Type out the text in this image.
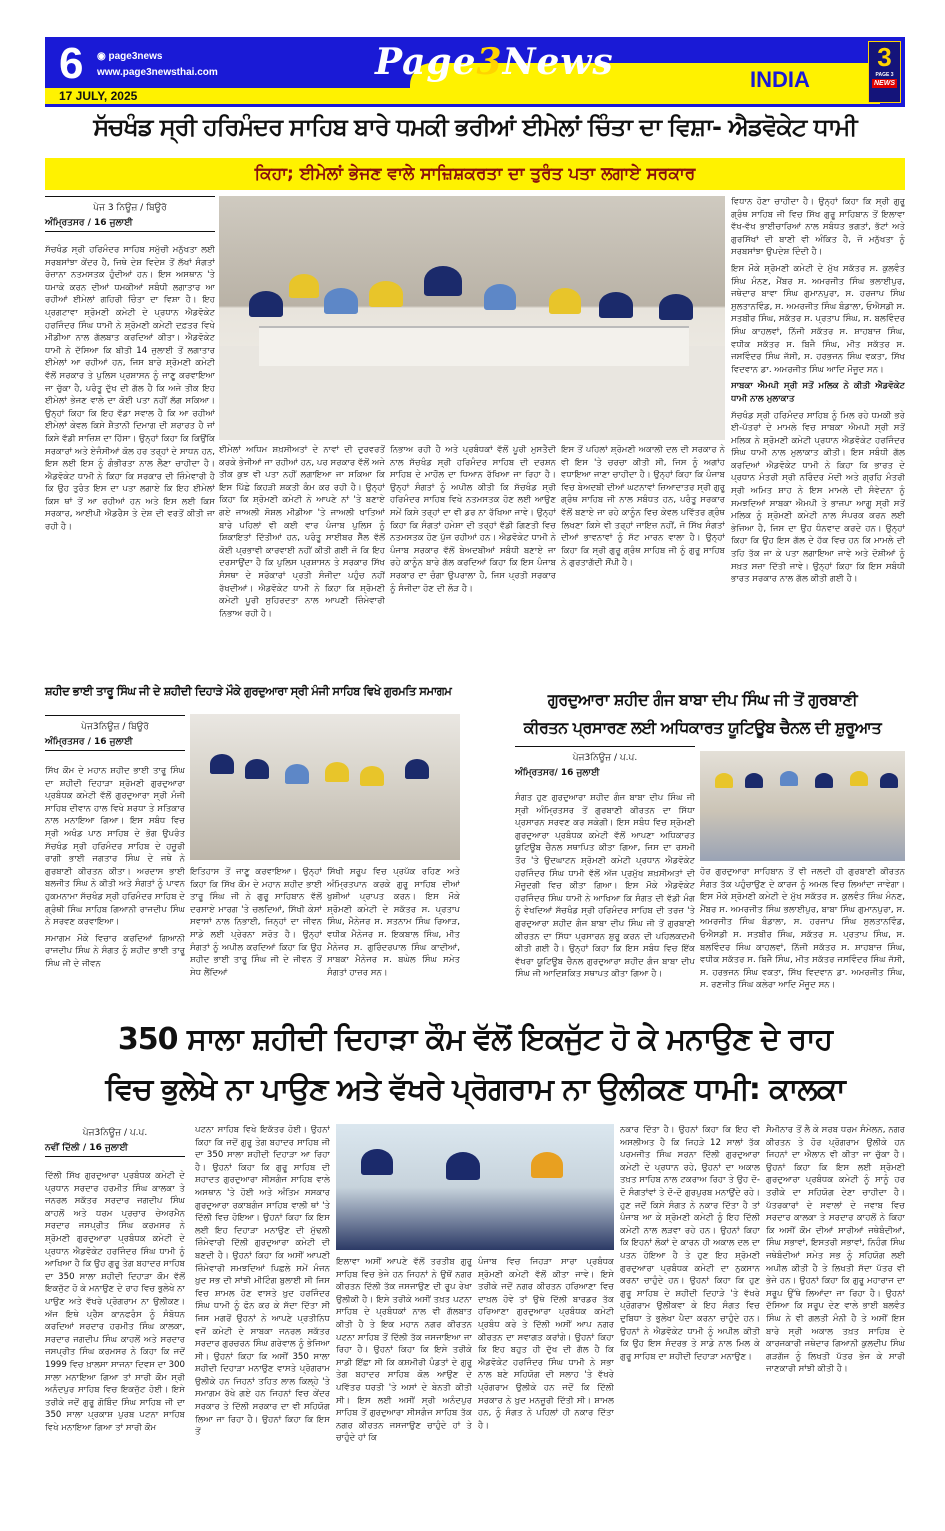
6 ◉ page3news
www.page3newsthai.com
17 JULY, 2025
Page3News	INDIA
3
PAGE 3
NEWS
ਸੱਚਖੰਡ ਸ੍ਰੀ ਹਰਿਮੰਦਰ ਸਾਹਿਬ ਬਾਰੇ ਧਮਕੀ ਭਰੀਆਂ ਈਮੇਲਾਂ ਚਿੰਤਾ ਦਾ ਵਿਸ਼ਾ- ਐਡਵੋਕੇਟ ਧਾਮੀ
ਕਿਹਾ; ਈਮੇਲਾਂ ਭੇਜਣ ਵਾਲੇ ਸਾਜ਼ਿਸ਼ਕਰਤਾ ਦਾ ਤੁਰੰਤ ਪਤਾ ਲਗਾਏ ਸਰਕਾਰ
ਪੇਜ 3 ਨਿਊਜ਼ / ਬਿਊਰੋ
ਅੰਮ੍ਰਿਤਸਰ / 16 ਜੁਲਾਈ

ਸੱਚਖੰਡ ਸ੍ਰੀ ਹਰਿਮੰਦਰ ਸਾਹਿਬ ਸਮੁੱਚੀ ਮਨੁੱਖਤਾ ਲਈ ਸਰਬਸਾਂਝਾ ਕੇਂਦਰ ਹੈ, ਜਿਥੇ ਦੇਸ਼ ਵਿਦੇਸ਼ ਤੋਂ ਲੱਖਾਂ ਸੰਗਤਾਂ ਰੋਜ਼ਾਨਾ ਨਤਮਸਤਕ ਹੁੰਦੀਆਂ ਹਨ। ਇਸ ਅਸਥਾਨ 'ਤੇ ਧਮਾਕੇ ਕਰਨ ਦੀਆਂ ਧਮਕੀਆਂ ਸਬੰਧੀ ਲਗਾਤਾਰ ਆ ਰਹੀਆਂ ਈਮੇਲਾਂ ਗਹਿਰੀ ਚਿੰਤਾ ਦਾ ਵਿਸ਼ਾ ਹੈ। ਇਹ ਪ੍ਰਗਟਾਵਾ ਸ਼੍ਰੋਮਣੀ ਕਮੇਟੀ ਦੇ ਪ੍ਰਧਾਨ ਐਡਵੋਕੇਟ ਹਰਜਿੰਦਰ ਸਿੰਘ ਧਾਮੀ ਨੇ ਸ਼੍ਰੋਮਣੀ ਕਮੇਟੀ ਦਫ਼ਤਰ ਵਿਖੇ ਮੀਡੀਆ ਨਾਲ ਗੱਲਬਾਤ ਕਰਦਿਆਂ ਕੀਤਾ। ਐਡਵੋਕੇਟ ਧਾਮੀ ਨੇ ਦੱਸਿਆ ਕਿ ਬੀਤੀ 14 ਜੁਲਾਈ ਤੋਂ ਲਗਾਤਾਰ ਈਮੇਲਾਂ ਆ ਰਹੀਆਂ ਹਨ, ਜਿਸ ਬਾਰੇ ਸ਼੍ਰੋਮਣੀ ਕਮੇਟੀ ਵੱਲੋਂ ਸਰਕਾਰ ਤੇ ਪੁਲਿਸ ਪ੍ਰਸ਼ਾਸਨ ਨੂੰ ਜਾਣੂ ਕਰਵਾਇਆ ਜਾ ਚੁੱਕਾ ਹੈ, ਪਰੰਤੂ ਦੁੱਖ ਦੀ ਗੱਲ ਹੈ ਕਿ ਅਜੇ ਤੀਕ ਇਹ ਈਮੇਲਾਂ ਭੇਜਣ ਵਾਲੇ ਦਾ ਕੋਈ ਪਤਾ ਨਹੀਂ ਲੱਗ ਸਕਿਆ। ਉਨ੍ਹਾਂ ਕਿਹਾ ਕਿ ਇਹ ਵੱਡਾ ਸਵਾਲ ਹੈ ਕਿ ਆ ਰਹੀਆਂ ਈਮੇਲਾਂ ਕੇਵਲ ਕਿਸੇ ਸ਼ੈਤਾਨੀ ਦਿਮਾਗ ਦੀ ਸ਼ਰਾਰਤ ਹੈ ਜਾਂ ਕਿਸੇ ਵੱਡੀ ਸਾਜ਼ਿਸ਼ ਦਾ ਹਿੱਸਾ। ਉਨ੍ਹਾਂ ਕਿਹਾ ਕਿ ਕਿਉਂਕਿ ਸਰਕਾਰਾਂ ਅਤੇ ਏਜੰਸੀਆਂ ਕੋਲ ਹਰ ਤਰ੍ਹਾਂ ਦੇ ਸਾਧਨ ਹਨ, ਇਸ ਲਈ ਇਸ ਨੂੰ ਗੰਭੀਰਤਾ ਨਾਲ ਲੈਣਾ ਚਾਹੀਦਾ ਹੈ। ਐਡਵੋਕੇਟ ਧਾਮੀ ਨੇ ਕਿਹਾ ਕਿ ਸਰਕਾਰ ਦੀ ਜ਼ਿੰਮੇਵਾਰੀ ਹੈ ਕਿ ਉਹ ਤੁਰੰਤ ਇਸ ਦਾ ਪਤਾ ਲਗਾਏ ਕਿ ਇਹ ਈਮੇਲਾਂ ਕਿਸ ਥਾਂ ਤੋਂ ਆ ਰਹੀਆਂ ਹਨ ਅਤੇ ਇਸ ਲਈ ਕਿਸ ਸਰਕਾਰ, ਆਈਪੀ ਐਡਰੈਸ ਤੇ ਦੇਸ਼ ਦੀ ਵਰਤੋਂ ਕੀਤੀ ਜਾ ਰਹੀ ਹੈ।

ਈਮੇਲਾਂ ਅਧਿਮ ਸ਼ਖ਼ਸੀਅਤਾਂ ਦੇ ਨਾਵਾਂ ਦੀ ਦੁਰਵਰਤੋਂ ਕਰਕੇ ਭੇਜੀਆਂ ਜਾ ਰਹੀਆਂ ਹਨ, ਪਰ ਸਰਕਾਰ ਵੱਲੋਂ ਅਜੇ ਤੀਕ ਕੁਝ ਵੀ ਪਤਾ ਨਹੀਂ ਲਗਾਇਆ ਜਾ ਸਕਿਆ ਕਿ ਇਸ ਪਿੱਛੇ ਕਿਹੜੀ ਸ਼ਕਤੀ ਕੰਮ ਕਰ ਰਹੀ ਹੈ। ਉਨ੍ਹਾਂ ਕਿਹਾ ਕਿ ਸ਼੍ਰੋਮਣੀ ਕਮੇਟੀ ਨੇ ਆਪਣੇ ਨਾਂ 'ਤੇ ਬਣਾਏ ਗਏ ਜਾਅਲੀ ਸੋਸ਼ਲ ਮੀਡੀਆ 'ਤੇ ਜਾਅਲੀ ਖਾਤਿਆਂ ਬਾਰੇ ਪਹਿਲਾਂ ਵੀ ਕਈ ਵਾਰ ਪੰਜਾਬ ਪੁਲਿਸ ਨੂੰ ਸ਼ਿਕਾਇਤਾਂ ਦਿੱਤੀਆਂ ਹਨ, ਪਰੰਤੂ ਸਾਈਬਰ ਸੈੱਲ ਵੱਲੋਂ ਕੋਈ ਪ੍ਰਭਾਵੀ ਕਾਰਵਾਈ ਨਹੀਂ ਕੀਤੀ ਗਈ ਜੋ ਕਿ ਇਹ ਦਰਸਾਉਂਦਾ ਹੈ ਕਿ ਪੁਲਿਸ ਪ੍ਰਸ਼ਾਸਨ ਤੇ ਸਰਕਾਰ ਸਿੱਖ ਸੰਸਥਾ ਦੇ ਸਰੋਕਾਰਾਂ ਪ੍ਰਤੀ ਸੰਜੀਦਾ ਪਹੁੰਚ ਨਹੀਂ ਰੱਖਦੀਆਂ। ਐਡਵੋਕੇਟ ਧਾਮੀ ਨੇ ਕਿਹਾ ਕਿ ਸ਼੍ਰੋਮਣੀ ਕਮੇਟੀ ਪੂਰੀ ਸੁਹਿਰਦਤਾ ਨਾਲ ਆਪਣੀ ਜ਼ਿੰਮੇਵਾਰੀ ਨਿਭਾਅ ਰਹੀ ਹੈ।

ਨਿਭਾਅ ਰਹੀ ਹੈ ਅਤੇ ਪ੍ਰਬੰਧਕਾਂ ਵੱਲੋਂ ਪੂਰੀ ਮੁਸਤੈਦੀ ਨਾਲ ਸੱਚਖੰਡ ਸ੍ਰੀ ਹਰਿਮੰਦਰ ਸਾਹਿਬ ਦੀ ਦਰਸ਼ਨ ਸਾਹਿਬ ਦੇ ਮਾਹੌਲ ਦਾ ਧਿਆਨ ਰੱਖਿਆ ਜਾ ਰਿਹਾ ਹੈ। ਉਨ੍ਹਾਂ ਸੰਗਤਾਂ ਨੂੰ ਅਪੀਲ ਕੀਤੀ ਕਿ ਸੱਚਖੰਡ ਸ੍ਰੀ ਹਰਿਮੰਦਰ ਸਾਹਿਬ ਵਿਖੇ ਨਤਮਸਤਕ ਹੋਣ ਲਈ ਆਉਣ ਸਮੇਂ ਕਿਸੇ ਤਰ੍ਹਾਂ ਦਾ ਵੀ ਡਰ ਨਾ ਰੱਖਿਆ ਜਾਵੇ। ਉਨ੍ਹਾਂ ਕਿਹਾ ਕਿ ਸੰਗਤਾਂ ਹਮੇਸ਼ਾ ਦੀ ਤਰ੍ਹਾਂ ਵੱਡੀ ਗਿਣਤੀ ਵਿਚ ਨਤਮਸਤਕ ਹੋਣ ਪੁੱਜ ਰਹੀਆਂ ਹਨ। ਐਡਵੋਕੇਟ ਧਾਮੀ ਨੇ ਪੰਜਾਬ ਸਰਕਾਰ ਵੱਲੋਂ ਬੇਅਦਬੀਆਂ ਸਬੰਧੀ ਬਣਾਏ ਜਾ ਰਹੇ ਕਾਨੂੰਨ ਬਾਰੇ ਗੱਲ ਕਰਦਿਆਂ ਕਿਹਾ ਕਿ ਇਸ ਪੰਜਾਬ ਸਰਕਾਰ ਦਾ ਚੰਗਾ ਉਪਰਾਲਾ ਹੈ, ਜਿਸ ਪ੍ਰਤੀ ਸਰਕਾਰ ਨੂੰ ਸੰਜੀਦਾ ਹੋਣ ਦੀ ਲੋੜ ਹੈ।

ਇਸ ਤੋਂ ਪਹਿਲਾਂ ਸ਼੍ਰੋਮਣੀ ਅਕਾਲੀ ਦਲ ਦੀ ਸਰਕਾਰ ਨੇ ਵੀ ਇਸ 'ਤੇ ਚਰਚਾ ਕੀਤੀ ਸੀ, ਜਿਸ ਨੂੰ ਅਗਾਂਹ ਵਧਾਇਆ ਜਾਣਾ ਚਾਹੀਦਾ ਹੈ। ਉਨ੍ਹਾਂ ਕਿਹਾ ਕਿ ਪੰਜਾਬ ਵਿਚ ਬੇਅਦਬੀ ਦੀਆਂ ਘਟਨਾਵਾਂ ਜ਼ਿਆਦਾਤਰ ਸ੍ਰੀ ਗੁਰੂ ਗ੍ਰੰਥ ਸਾਹਿਬ ਜੀ ਨਾਲ ਸਬੰਧਤ ਹਨ, ਪਰੰਤੂ ਸਰਕਾਰ ਵੱਲੋਂ ਬਣਾਏ ਜਾ ਰਹੇ ਕਾਨੂੰਨ ਵਿਚ ਕੇਵਲ ਪਵਿੱਤਰ ਗ੍ਰੰਥ ਲਿਖਣਾ ਕਿਸੇ ਵੀ ਤਰ੍ਹਾਂ ਜਾਇਜ਼ ਨਹੀਂ, ਜੋ ਸਿੱਖ ਸੰਗਤਾਂ ਦੀਆਂ ਭਾਵਨਾਵਾਂ ਨੂੰ ਸੱਟ ਮਾਰਨ ਵਾਲਾ ਹੈ। ਉਨ੍ਹਾਂ ਕਿਹਾ ਕਿ ਸ੍ਰੀ ਗੁਰੂ ਗ੍ਰੰਥ ਸਾਹਿਬ ਜੀ ਨੂੰ ਗੁਰੂ ਸਾਹਿਬ ਨੇ ਗੁਰਤਾਗੱਦੀ ਸੌਂਪੀ ਹੈ।

ਵਿਧਾਨ ਹੋਣਾ ਚਾਹੀਦਾ ਹੈ। ਉਨ੍ਹਾਂ ਕਿਹਾ ਕਿ ਸ੍ਰੀ ਗੁਰੂ ਗ੍ਰੰਥ ਸਾਹਿਬ ਜੀ ਵਿਚ ਸਿੱਖ ਗੁਰੂ ਸਾਹਿਬਾਨ ਤੋਂ ਇਲਾਵਾ ਵੱਖ-ਵੱਖ ਭਾਈਚਾਰਿਆਂ ਨਾਲ ਸਬੰਧਤ ਭਗਤਾਂ, ਭੱਟਾਂ ਅਤੇ ਗੁਰਸਿੱਖਾਂ ਦੀ ਬਾਣੀ ਵੀ ਅੰਕਿਤ ਹੈ, ਜੋ ਮਨੁੱਖਤਾ ਨੂੰ ਸਰਬਸਾਂਝਾ ਉਪਦੇਸ਼ ਦਿੰਦੀ ਹੈ।

ਇਸ ਮੌਕੇ ਸ਼੍ਰੋਮਣੀ ਕਮੇਟੀ ਦੇ ਮੁੱਖ ਸਕੱਤਰ ਸ. ਕੁਲਵੰਤ ਸਿੰਘ ਮੰਨਣ, ਮੈਂਬਰ ਸ. ਅਮਰਜੀਤ ਸਿੰਘ ਭਲਾਈਪੁਰ, ਜਥੇਦਾਰ ਬਾਵਾ ਸਿੰਘ ਗੁਮਾਨਪੁਰਾ, ਸ. ਹਰਜਾਪ ਸਿੰਘ ਸੁਲਤਾਨਵਿੰਡ, ਸ. ਅਮਰਜੀਤ ਸਿੰਘ ਬੰਡਾਲਾ, ਓਐਸਡੀ ਸ. ਸਤਬੀਰ ਸਿੰਘ, ਸਕੱਤਰ ਸ. ਪ੍ਰਤਾਪ ਸਿੰਘ, ਸ. ਬਲਵਿੰਦਰ ਸਿੰਘ ਕਾਹਲਵਾਂ, ਨਿੱਜੀ ਸਕੱਤਰ ਸ. ਸ਼ਾਹਬਾਜ਼ ਸਿੰਘ, ਵਧੀਕ ਸਕੱਤਰ ਸ. ਬਿਜੈ ਸਿੰਘ, ਮੀਤ ਸਕੱਤਰ ਸ. ਜਸਵਿੰਦਰ ਸਿੰਘ ਜੱਸੀ, ਸ. ਹਰਭਜਨ ਸਿੰਘ ਵਕਤਾ, ਸਿੱਖ ਵਿਦਵਾਨ ਡਾ. ਅਮਰਜੀਤ ਸਿੰਘ ਆਦਿ ਮੌਜੂਦ ਸਨ।

ਸਾਬਕਾ ਐਮਪੀ ਸ੍ਰੀ ਸਤੋਂ ਮਲਿਕ ਨੇ ਕੀਤੀ ਐਡਵੋਕੇਟ ਧਾਮੀ ਨਾਲ ਮੁਲਾਕਾਤ

ਸੱਚਖੰਡ ਸ੍ਰੀ ਹਰਿਮੰਦਰ ਸਾਹਿਬ ਨੂੰ ਮਿਲ ਰਹੇ ਧਮਕੀ ਭਰੇ ਈ-ਪੱਤਰਾਂ ਦੇ ਮਾਮਲੇ ਵਿਚ ਸਾਬਕਾ ਐਮਪੀ ਸ੍ਰੀ ਸਤੋਂ ਮਲਿਕ ਨੇ ਸ਼੍ਰੋਮਣੀ ਕਮੇਟੀ ਪ੍ਰਧਾਨ ਐਡਵੋਕੇਟ ਹਰਜਿੰਦਰ ਸਿੰਘ ਧਾਮੀ ਨਾਲ ਮੁਲਾਕਾਤ ਕੀਤੀ। ਇਸ ਸਬੰਧੀ ਗੱਲ ਕਰਦਿਆਂ ਐਡਵੋਕੇਟ ਧਾਮੀ ਨੇ ਕਿਹਾ ਕਿ ਭਾਰਤ ਦੇ ਪ੍ਰਧਾਨ ਮੰਤਰੀ ਸ੍ਰੀ ਨਰਿੰਦਰ ਮੋਦੀ ਅਤੇ ਗ੍ਰਹਿ ਮੰਤਰੀ ਸ੍ਰੀ ਅਮਿਤ ਸ਼ਾਹ ਨੇ ਇਸ ਮਾਮਲੇ ਦੀ ਸੰਵੇਦਨਾ ਨੂੰ ਸਮਝਦਿਆਂ ਸਾਬਕਾ ਐਮਪੀ ਤੇ ਭਾਜਪਾ ਆਗੂ ਸ੍ਰੀ ਸਤੋਂ ਮਲਿਕ ਨੂੰ ਸ਼੍ਰੋਮਣੀ ਕਮੇਟੀ ਨਾਲ ਸੰਪਰਕ ਕਰਨ ਲਈ ਭੇਜਿਆ ਹੈ, ਜਿਸ ਦਾ ਉਹ ਧੰਨਵਾਦ ਕਰਦੇ ਹਨ। ਉਨ੍ਹਾਂ ਕਿਹਾ ਕਿ ਉਹ ਇਸ ਗੱਲ ਦੇ ਹੱਕ ਵਿਚ ਹਨ ਕਿ ਮਾਮਲੇ ਦੀ ਤਹਿ ਤੱਕ ਜਾ ਕੇ ਪਤਾ ਲਗਾਇਆ ਜਾਵੇ ਅਤੇ ਦੋਸ਼ੀਆਂ ਨੂੰ ਸਖ਼ਤ ਸਜ਼ਾ ਦਿੱਤੀ ਜਾਵੇ। ਉਨ੍ਹਾਂ ਕਿਹਾ ਕਿ ਇਸ ਸਬੰਧੀ ਭਾਰਤ ਸਰਕਾਰ ਨਾਲ ਗੱਲ ਕੀਤੀ ਗਈ ਹੈ।

ਸ਼ਹੀਦ ਭਾਈ ਤਾਰੂ ਸਿੰਘ ਜੀ ਦੇ ਸ਼ਹੀਦੀ ਦਿਹਾੜੇ ਮੌਕੇ ਗੁਰਦੁਆਰਾ ਸ੍ਰੀ ਮੰਜੀ ਸਾਹਿਬ ਵਿਖੇ ਗੁਰਮਤਿ ਸਮਾਗਮ
ਪੇਜ3ਨਿਊਜ਼ / ਬਿਊਰੋ
ਅੰਮ੍ਰਿਤਸਰ / 16 ਜੁਲਾਈ

ਸਿੱਖ ਕੌਮ ਦੇ ਮਹਾਨ ਸ਼ਹੀਦ ਭਾਈ ਤਾਰੂ ਸਿੰਘ ਦਾ ਸ਼ਹੀਦੀ ਦਿਹਾੜਾ ਸ਼੍ਰੋਮਣੀ ਗੁਰਦੁਆਰਾ ਪ੍ਰਬੰਧਕ ਕਮੇਟੀ ਵੱਲੋਂ ਗੁਰਦੁਆਰਾ ਸ੍ਰੀ ਮੰਜੀ ਸਾਹਿਬ ਦੀਵਾਨ ਹਾਲ ਵਿਖੇ ਸ਼ਰਧਾ ਤੇ ਸਤਿਕਾਰ ਨਾਲ ਮਨਾਇਆ ਗਿਆ। ਇਸ ਸਬੰਧ ਵਿਚ ਸ੍ਰੀ ਅਖੰਡ ਪਾਠ ਸਾਹਿਬ ਦੇ ਭੋਗ ਉਪਰੰਤ ਸੱਚਖੰਡ ਸ੍ਰੀ ਹਰਿਮੰਦਰ ਸਾਹਿਬ ਦੇ ਹਜ਼ੂਰੀ ਰਾਗੀ ਭਾਈ ਜਗਤਾਰ ਸਿੰਘ ਦੇ ਜਥੇ ਨੇ ਗੁਰਬਾਣੀ ਕੀਰਤਨ ਕੀਤਾ। ਅਰਦਾਸ ਭਾਈ ਬਲਜੀਤ ਸਿੰਘ ਨੇ ਕੀਤੀ ਅਤੇ ਸੰਗਤਾਂ ਨੂੰ ਪਾਵਨ ਹੁਕਮਨਾਮਾ ਸੱਚਖੰਡ ਸ੍ਰੀ ਹਰਿਮੰਦਰ ਸਾਹਿਬ ਦੇ ਗ੍ਰੰਥੀ ਸਿੰਘ ਸਾਹਿਬ ਗਿਆਨੀ ਰਾਜਦੀਪ ਸਿੰਘ ਨੇ ਸਰਵਣ ਕਰਵਾਇਆ।

ਸਮਾਗਮ ਮੌਕੇ ਵਿਚਾਰ ਕਰਦਿਆਂ ਗਿਆਨੀ ਰਾਜਦੀਪ ਸਿੰਘ ਨੇ ਸੰਗਤ ਨੂੰ ਸ਼ਹੀਦ ਭਾਈ ਤਾਰੂ ਸਿੰਘ ਜੀ ਦੇ ਜੀਵਨ

ਇਤਿਹਾਸ ਤੋਂ ਜਾਣੂ ਕਰਵਾਇਆ। ਉਨ੍ਹਾਂ ਕਿਹਾ ਕਿ ਸਿੱਖ ਕੌਮ ਦੇ ਮਹਾਨ ਸ਼ਹੀਦ ਭਾਈ ਤਾਰੂ ਸਿੰਘ ਜੀ ਨੇ ਗੁਰੂ ਸਾਹਿਬਾਨ ਵੱਲੋਂ ਦਰਸਾਏ ਮਾਰਗ 'ਤੇ ਚਲਦਿਆਂ, ਸਿੱਖੀ ਕੇਸਾਂ ਸਵਾਸਾਂ ਨਾਲ ਨਿਭਾਈ, ਜਿਨ੍ਹਾਂ ਦਾ ਜੀਵਨ ਸਾਡੇ ਲਈ ਪ੍ਰੇਰਨਾ ਸਰੋਤ ਹੈ। ਉਨ੍ਹਾਂ ਸੰਗਤਾਂ ਨੂੰ ਅਪੀਲ ਕਰਦਿਆਂ ਕਿਹਾ ਕਿ ਉਹ ਸ਼ਹੀਦ ਭਾਈ ਤਾਰੂ ਸਿੰਘ ਜੀ ਦੇ ਜੀਵਨ ਤੋਂ ਸੇਧ ਲੈਂਦਿਆਂ

ਸਿੱਖੀ ਸਰੂਪ ਵਿਚ ਪ੍ਰਪੱਕ ਰਹਿਣ ਅਤੇ ਅੰਮ੍ਰਿਤਪਾਨ ਕਰਕੇ ਗੁਰੂ ਸਾਹਿਬ ਦੀਆਂ ਖੁਸ਼ੀਆਂ ਪ੍ਰਾਪਤ ਕਰਨ। ਇਸ ਮੌਕੇ ਸ਼੍ਰੋਮਣੀ ਕਮੇਟੀ ਦੇ ਸਕੱਤਰ ਸ. ਪ੍ਰਤਾਪ ਸਿੰਘ, ਮੈਨੇਜਰ ਸ. ਸਤਨਾਮ ਸਿੰਘ ਰਿਆੜ, ਵਧੀਕ ਮੈਨੇਜਰ ਸ. ਇਕਬਾਲ ਸਿੰਘ, ਮੀਤ ਮੈਨੇਜਰ ਸ. ਗੁਰਿੰਦਰਪਾਲ ਸਿੰਘ ਕਾਦੀਆਂ, ਸਾਬਕਾ ਮੈਨੇਜਰ ਸ. ਬਘੇਲ ਸਿੰਘ ਸਮੇਤ ਸੰਗਤਾਂ ਹਾਜ਼ਰ ਸਨ।

ਗੁਰਦੁਆਰਾ ਸ਼ਹੀਦ ਗੰਜ ਬਾਬਾ ਦੀਪ ਸਿੰਘ ਜੀ ਤੋਂ ਗੁਰਬਾਣੀ
ਕੀਰਤਨ ਪ੍ਰਸਾਰਣ ਲਈ ਅਧਿਕਾਰਤ ਯੂਟਿਊਬ ਚੈਨਲ ਦੀ ਸ਼ੁਰੂਆਤ
ਪੇਜ3ਨਿਊਜ਼ / ਪ.ਪ.
ਅੰਮ੍ਰਿਤਸਰ/ 16 ਜੁਲਾਈ

ਸੰਗਤ ਹੁਣ ਗੁਰਦੁਆਰਾ ਸ਼ਹੀਦ ਗੰਜ ਬਾਬਾ ਦੀਪ ਸਿੰਘ ਜੀ ਸ੍ਰੀ ਅੰਮ੍ਰਿਤਸਰ ਤੋਂ ਗੁਰਬਾਣੀ ਕੀਰਤਨ ਦਾ ਸਿੱਧਾ ਪ੍ਰਸਾਰਨ ਸਰਵਣ ਕਰ ਸਕੇਗੀ। ਇਸ ਸਬੰਧ ਵਿਚ ਸ਼੍ਰੋਮਣੀ ਗੁਰਦੁਆਰਾ ਪ੍ਰਬੰਧਕ ਕਮੇਟੀ ਵੱਲੋਂ ਆਪਣਾ ਅਧਿਕਾਰਤ ਯੂਟਿਊਬ ਚੈਨਲ ਸਥਾਪਿਤ ਕੀਤਾ ਗਿਆ, ਜਿਸ ਦਾ ਰਸਮੀ ਤੌਰ 'ਤੇ ਉਦਘਾਟਨ ਸ਼੍ਰੋਮਣੀ ਕਮੇਟੀ ਪ੍ਰਧਾਨ ਐਡਵੋਕੇਟ ਹਰਜਿੰਦਰ ਸਿੰਘ ਧਾਮੀ ਵੱਲੋਂ ਅੱਜ ਪ੍ਰਮੁੱਖ ਸ਼ਖ਼ਸੀਅਤਾਂ ਦੀ ਮੌਜੂਦਗੀ ਵਿਚ ਕੀਤਾ ਗਿਆ। ਇਸ ਮੌਕੇ ਐਡਵੋਕੇਟ ਹਰਜਿੰਦਰ ਸਿੰਘ ਧਾਮੀ ਨੇ ਆਖਿਆ ਕਿ ਸੰਗਤ ਦੀ ਵੱਡੀ ਮੰਗ ਨੂੰ ਵੇਖਦਿਆਂ ਸੱਚਖੰਡ ਸ੍ਰੀ ਹਰਿਮੰਦਰ ਸਾਹਿਬ ਦੀ ਤਰਜ਼ 'ਤੇ ਗੁਰਦੁਆਰਾ ਸ਼ਹੀਦ ਗੰਜ ਬਾਬਾ ਦੀਪ ਸਿੰਘ ਜੀ ਤੋਂ ਗੁਰਬਾਣੀ ਕੀਰਤਨ ਦਾ ਸਿੱਧਾ ਪ੍ਰਸਾਰਨ ਸ਼ੁਰੂ ਕਰਨ ਦੀ ਪਹਿਲਕਦਮੀ ਕੀਤੀ ਗਈ ਹੈ। ਉਨ੍ਹਾਂ ਕਿਹਾ ਕਿ ਇਸ ਸਬੰਧ ਵਿਚ ਇੱਕ ਵੱਖਰਾ ਯੂਟਿਊਬ ਚੈਨਲ ਗੁਰਦੁਆਰਾ ਸ਼ਹੀਦ ਗੰਜ ਬਾਬਾ ਦੀਪ ਸਿੰਘ ਜੀ ਆਦਿਸ਼ਕਿਤ ਸਥਾਪਤ ਕੀਤਾ ਗਿਆ ਹੈ।

ਹੋਰ ਗੁਰਦੁਆਰਾ ਸਾਹਿਬਾਨ ਤੋਂ ਵੀ ਜਲਦੀ ਹੀ ਗੁਰਬਾਣੀ ਕੀਰਤਨ ਸੰਗਤ ਤੱਕ ਪਹੁੰਚਾਉਣ ਦੇ ਕਾਰਜ ਨੂੰ ਅਮਲ ਵਿਚ ਲਿਆਂਦਾ ਜਾਵੇਗਾ। ਇਸ ਮੌਕੇ ਸ਼੍ਰੋਮਣੀ ਕਮੇਟੀ ਦੇ ਮੁੱਖ ਸਕੱਤਰ ਸ. ਕੁਲਵੰਤ ਸਿੰਘ ਮੰਨਣ, ਮੈਂਬਰ ਸ. ਅਮਰਜੀਤ ਸਿੰਘ ਭਲਾਈਪੁਰ, ਬਾਬਾ ਸਿੰਘ ਗੁਮਾਨਪੁਰਾ, ਸ. ਅਮਰਜੀਤ ਸਿੰਘ ਬੰਡਾਲਾ, ਸ. ਹਰਜਾਪ ਸਿੰਘ ਸੁਲਤਾਨਵਿੰਡ, ਓਐਸਡੀ ਸ. ਸਤਬੀਰ ਸਿੰਘ, ਸਕੱਤਰ ਸ. ਪ੍ਰਤਾਪ ਸਿੰਘ, ਸ. ਬਲਵਿੰਦਰ ਸਿੰਘ ਕਾਹਲਵਾਂ, ਨਿੱਜੀ ਸਕੱਤਰ ਸ. ਸ਼ਾਹਬਾਜ਼ ਸਿੰਘ, ਵਧੀਕ ਸਕੱਤਰ ਸ. ਬਿਜੈ ਸਿੰਘ, ਮੀਤ ਸਕੱਤਰ ਜਸਵਿੰਦਰ ਸਿੰਘ ਜੱਸੀ, ਸ. ਹਰਭਜਨ ਸਿੰਘ ਵਕਤਾ, ਸਿੱਖ ਵਿਦਵਾਨ ਡਾ. ਅਮਰਜੀਤ ਸਿੰਘ, ਸ. ਰਣਜੀਤ ਸਿੰਘ ਕਲੇਰਾ ਆਦਿ ਮੌਜੂਦ ਸਨ।

350 ਸਾਲਾ ਸ਼ਹੀਦੀ ਦਿਹਾੜਾ ਕੌਮ ਵੱਲੋਂ ਇਕਜੁੱਟ ਹੋ ਕੇ ਮਨਾਉਣ ਦੇ ਰਾਹ
ਵਿਚ ਭੁਲੇਖੇ ਨਾ ਪਾਉਣ ਅਤੇ ਵੱਖਰੇ ਪ੍ਰੋਗਰਾਮ ਨਾ ਉਲੀਕਣ ਧਾਮੀ: ਕਾਲਕਾ
ਪੇਜ3ਨਿਊਜ਼ / ਪ.ਪ.
ਨਵੀਂ ਦਿੱਲੀ / 16 ਜੁਲਾਈ

ਦਿੱਲੀ ਸਿੱਖ ਗੁਰਦੁਆਰਾ ਪ੍ਰਬੰਧਕ ਕਮੇਟੀ ਦੇ ਪ੍ਰਧਾਨ ਸਰਦਾਰ ਹਰਮੀਤ ਸਿੰਘ ਕਾਲਕਾ ਤੇ ਜਨਰਲ ਸਕੱਤਰ ਸਰਦਾਰ ਜਗਦੀਪ ਸਿੰਘ ਕਾਹਲੋਂ ਅਤੇ ਧਰਮ ਪ੍ਰਚਾਰ ਚੇਅਰਮੈਨ ਸਰਦਾਰ ਜਸਪ੍ਰੀਤ ਸਿੰਘ ਕਰਮਸਰ ਨੇ ਸ਼੍ਰੋਮਣੀ ਗੁਰਦੁਆਰਾ ਪ੍ਰਬੰਧਕ ਕਮੇਟੀ ਦੇ ਪ੍ਰਧਾਨ ਐਡਵੋਕੇਟ ਹਰਜਿੰਦਰ ਸਿੰਘ ਧਾਮੀ ਨੂੰ ਆਖਿਆ ਹੈ ਕਿ ਉਹ ਗੁਰੂ ਤੇਗ ਬਹਾਦਰ ਸਾਹਿਬ ਦਾ 350 ਸਾਲਾ ਸ਼ਹੀਦੀ ਦਿਹਾੜਾ ਕੌਮ ਵੱਲੋਂ ਇਕਜੁੱਟ ਹੋ ਕੇ ਮਨਾਉਣ ਦੇ ਰਾਹ ਵਿਚ ਭੁਲੇਖੇ ਨਾ ਪਾਉਣ ਅਤੇ ਵੱਖਰੇ ਪ੍ਰੋਗਰਾਮ ਨਾ ਉਲੀਕਣ। ਅੱਜ ਇਥੇ ਪ੍ਰੈਸ ਕਾਨਫਰੰਸ ਨੂੰ ਸੰਬੋਧਨ ਕਰਦਿਆਂ ਸਰਦਾਰ ਹਰਮੀਤ ਸਿੰਘ ਕਾਲਕਾ, ਸਰਦਾਰ ਜਗਦੀਪ ਸਿੰਘ ਕਾਹਲੋਂ ਅਤੇ ਸਰਦਾਰ ਜਸਪ੍ਰੀਤ ਸਿੰਘ ਕਰਮਸਰ ਨੇ ਕਿਹਾ ਕਿ ਜਦੋਂ 1999 ਵਿਚ ਖ਼ਾਲਸਾ ਸਾਜਨਾ ਦਿਵਸ ਦਾ 300 ਸਾਲਾ ਮਨਾਇਆ ਗਿਆ ਤਾਂ ਸਾਰੀ ਕੌਮ ਸ੍ਰੀ ਅਨੰਦਪੁਰ ਸਾਹਿਬ ਵਿਚ ਇਕਜੁੱਟ ਹੋਈ। ਇਸੇ ਤਰੀਕੇ ਜਦੋਂ ਗੁਰੂ ਗੋਬਿੰਦ ਸਿੰਘ ਸਾਹਿਬ ਜੀ ਦਾ 350 ਸਾਲਾ ਪ੍ਰਕਾਸ਼ ਪੁਰਬ ਪਟਨਾ ਸਾਹਿਬ ਵਿਖੇ ਮਨਾਇਆ ਗਿਆ ਤਾਂ ਸਾਰੀ ਕੌਮ

ਪਟਨਾ ਸਾਹਿਬ ਵਿਖੇ ਇਕੱਤਰ ਹੋਈ। ਉਹਨਾਂ ਕਿਹਾ ਕਿ ਜਦੋਂ ਗੁਰੂ ਤੇਗ ਬਹਾਦਰ ਸਾਹਿਬ ਜੀ ਦਾ 350 ਸਾਲਾ ਸ਼ਹੀਦੀ ਦਿਹਾੜਾ ਆ ਰਿਹਾ ਹੈ। ਉਹਨਾਂ ਕਿਹਾ ਕਿ ਗੁਰੂ ਸਾਹਿਬ ਦੀ ਸ਼ਹਾਦਤ ਗੁਰਦੁਆਰਾ ਸੀਸਗੰਜ ਸਾਹਿਬ ਵਾਲੇ ਅਸਥਾਨ 'ਤੇ ਹੋਈ ਅਤੇ ਅੰਤਿਮ ਸਸਕਾਰ ਗੁਰਦੁਆਰਾ ਰਕਾਬਗੰਜ ਸਾਹਿਬ ਵਾਲੀ ਥਾਂ 'ਤੇ ਦਿੱਲੀ ਵਿਚ ਹੋਇਆ। ਉਹਨਾਂ ਕਿਹਾ ਕਿ ਇਸ ਲਈ ਇਹ ਦਿਹਾੜਾ ਮਨਾਉਣ ਦੀ ਮੁੱਢਲੀ ਜ਼ਿੰਮੇਵਾਰੀ ਦਿੱਲੀ ਗੁਰਦੁਆਰਾ ਕਮੇਟੀ ਦੀ ਬਣਦੀ ਹੈ। ਉਹਨਾਂ ਕਿਹਾ ਕਿ ਅਸੀਂ ਆਪਣੀ ਜ਼ਿੰਮੇਵਾਰੀ ਸਮਝਦਿਆਂ ਪਿਛਲੇ ਸਮੇਂ ਮੰਜਨ ਖ਼ੁਦ ਸਭ ਦੀ ਸਾਂਝੀ ਮੀਟਿੰਗ ਬੁਲਾਈ ਸੀ ਜਿਸ ਵਿਚ ਸ਼ਾਮਲ ਹੋਣ ਵਾਸਤੇ ਖ਼ੁਦ ਹਰਜਿੰਦਰ ਸਿੰਘ ਧਾਮੀ ਨੂੰ ਫੋਨ ਕਰ ਕੇ ਸੱਦਾ ਦਿੱਤਾ ਸੀ ਜਿਸ ਮਗਰੋਂ ਉਹਨਾਂ ਨੇ ਆਪਣੇ ਪ੍ਰਤੀਨਿਧ ਵਜੋਂ ਕਮੇਟੀ ਦੇ ਸਾਬਕਾ ਜਨਰਲ ਸਕੱਤਰ ਸਰਦਾਰ ਗੁਰਚਰਨ ਸਿੰਘ ਗਰੇਵਾਲ ਨੂੰ ਭੇਜਿਆ ਸੀ। ਉਹਨਾਂ ਕਿਹਾ ਕਿ ਅਸੀਂ 350 ਸਾਲਾ ਸ਼ਹੀਦੀ ਦਿਹਾੜਾ ਮਨਾਉਣ ਵਾਸਤੇ ਪ੍ਰੋਗਰਾਮ ਉਲੀਕੇ ਹਨ ਜਿਹਨਾਂ ਤਹਿਤ ਲਾਲ ਕਿਲ੍ਹੇ 'ਤੇ ਸਮਾਗਮ ਰੱਖੇ ਗਏ ਹਨ ਜਿਹਨਾਂ ਵਿਚ ਕੇਂਦਰ ਸਰਕਾਰ ਤੇ ਦਿੱਲੀ ਸਰਕਾਰ ਦਾ ਵੀ ਸਹਿਯੋਗ ਲਿਆ ਜਾ ਰਿਹਾ ਹੈ। ਉਹਨਾਂ ਕਿਹਾ ਕਿ ਇਸ ਤੋਂ

ਇਲਾਵਾ ਅਸੀਂ ਆਪਣੇ ਵੱਲੋਂ ਤਰਤੀਬ ਗੁਰੂ ਸਾਹਿਬ ਵਿਚ ਭੇਜੇ ਹਨ ਜਿਹਨਾਂ ਨੇ ਉਥੋਂ ਨਗਰ ਕੀਰਤਨ ਦਿੱਲੀ ਤੱਕ ਜਸਜਾਉਣ ਦੀ ਰੂਪ ਰੇਖਾ ਉਲੀਕੀ ਹੈ। ਇਸੇ ਤਰੀਕੇ ਅਸੀਂ ਤਖ਼ਤ ਪਟਨਾ ਸਾਹਿਬ ਦੇ ਪ੍ਰਬੰਧਕਾਂ ਨਾਲ ਵੀ ਗੱਲਬਾਤ ਕੀਤੀ ਹੈ ਤੇ ਇਕ ਮਹਾਨ ਨਗਰ ਕੀਰਤਨ ਪਟਨਾ ਸਾਹਿਬ ਤੋਂ ਦਿੱਲੀ ਤੱਕ ਜਸਜਾਇਆ ਜਾ ਰਿਹਾ ਹੈ। ਉਹਨਾਂ ਕਿਹਾ ਕਿ ਇਸੇ ਤਰੀਕੇ ਸਾਡੀ ਇੱਛਾ ਸੀ ਕਿ ਕਸ਼ਮੀਰੀ ਪੰਡਤਾਂ ਦੇ ਗੁਰੂ ਤੇਗ ਬਹਾਦਰ ਸਾਹਿਬ ਕੋਲ ਆਉਣ ਦੇ ਪਵਿੱਤਰ ਧਰਤੀ 'ਤੇ ਅਸਾਂ ਦੇ ਬੇਨਤੀ ਕੀਤੀ ਸੀ। ਇਸ ਲਈ ਅਸੀਂ ਸ੍ਰੀ ਅਨੰਦਪੁਰ ਸਾਹਿਬ ਤੋਂ ਗੁਰਦੁਆਰਾ ਸੀਸਗੰਜ ਸਾਹਿਬ ਤੱਕ ਨਗਰ ਕੀਰਤਨ ਜਸਜਾਉਣ ਚਾਹੁੰਦੇ ਹਾਂ ਤੇ ਚਾਹੁੰਦੇ ਹਾਂ ਕਿ

ਪੰਜਾਬ ਵਿਚ ਜਿਹੜਾ ਸਾਰਾ ਪ੍ਰਬੰਧਕ ਸ਼੍ਰੋਮਣੀ ਕਮੇਟੀ ਵੱਲੋਂ ਕੀਤਾ ਜਾਵੇ। ਇਸੇ ਤਰੀਕੇ ਜਦੋਂ ਨਗਰ ਕੀਰਤਨ ਹਰਿਆਣਾ ਵਿਚ ਦਾਖ਼ਲ ਹੋਵੇ ਤਾਂ ਉਥੇ ਦਿੱਲੀ ਬਾਰਡਰ ਤੱਕ ਹਰਿਆਣਾ ਗੁਰਦੁਆਰਾ ਪ੍ਰਬੰਧਕ ਕਮੇਟੀ ਪ੍ਰਬੰਧ ਕਰੇ ਤੇ ਦਿੱਲੀ ਅਸੀਂ ਆਪ ਨਗਰ ਕੀਰਤਨ ਦਾ ਸਵਾਗਤ ਕਰਾਂਗੇ। ਉਹਨਾਂ ਕਿਹਾ ਕਿ ਇਹ ਬਹੁਤ ਹੀ ਦੁੱਖ ਦੀ ਗੱਲ ਹੈ ਕਿ ਐਡਵੋਕੇਟ ਹਰਜਿੰਦਰ ਸਿੰਘ ਧਾਮੀ ਨੇ ਸਭਾ ਨਾਲ ਬਣੇ ਸਹਿਯੋਗ ਦੀ ਸਲਾਹ 'ਤੇ ਵੱਖਰੇ ਪ੍ਰੋਗਰਾਮ ਉਲੀਕੇ ਹਨ ਜਦੋਂ ਕਿ ਦਿੱਲੀ ਸਰਕਾਰ ਨੇ ਖ਼ੁਦ ਮਨਜ਼ੂਰੀ ਦਿੱਤੀ ਸੀ। ਸ਼ਾਮਲ ਹਨ, ਨੂੰ ਸੰਗਤ ਨੇ ਪਹਿਲਾਂ ਹੀ ਨਕਾਰ ਦਿੱਤਾ ਹੈ।

ਨਕਾਰ ਦਿੱਤਾ ਹੈ। ਉਹਨਾਂ ਕਿਹਾ ਕਿ ਇਹ ਵੀ ਅਸਲੀਅਤ ਹੈ ਕਿ ਜਿਹੜੇ 12 ਸਾਲਾਂ ਤੱਕ ਪਰਮਜੀਤ ਸਿੰਘ ਸਰਨਾ ਦਿੱਲੀ ਗੁਰਦੁਆਰਾ ਕਮੇਟੀ ਦੇ ਪ੍ਰਧਾਨ ਰਹੇ, ਉਹਨਾਂ ਦਾ ਅਕਾਲ ਤਖ਼ਤ ਸਾਹਿਬ ਨਾਲ ਟਕਰਾਅ ਰਿਹਾ ਤੇ ਉਹ ਦੋ-ਦੋ ਸੰਗਤਾਂਵਾਂ ਤੇ ਦੋ-ਦੋ ਗੁਰਪੁਰਬ ਮਨਾਉਂਦੇ ਰਹੇ। ਹੁਣ ਜਦੋਂ ਕਿਸੇ ਸੰਗਤ ਨੇ ਨਕਾਰ ਦਿੱਤਾ ਹੈ ਤਾਂ ਪੰਜਾਬ ਆ ਕੇ ਸ਼੍ਰੋਮਣੀ ਕਮੇਟੀ ਨੂੰ ਇਹ ਦਿੱਲੀ ਕਮੇਟੀ ਨਾਲ ਲੜਵਾ ਰਹੇ ਹਨ। ਉਹਨਾਂ ਕਿਹਾ ਕਿ ਇਹਨਾਂ ਲੋਕਾਂ ਦੇ ਕਾਰਨ ਹੀ ਅਕਾਲ ਦਲ ਦਾ ਪਤਨ ਹੋਇਆ ਹੈ ਤੇ ਹੁਣ ਇਹ ਸ਼੍ਰੋਮਣੀ ਗੁਰਦੁਆਰਾ ਪ੍ਰਬੰਧਕ ਕਮੇਟੀ ਦਾ ਨੁਕਸਾਨ ਕਰਨਾ ਚਾਹੁੰਦੇ ਹਨ। ਉਹਨਾਂ ਕਿਹਾ ਕਿ ਹੁਣ ਗੁਰੂ ਸਾਹਿਬ ਦੇ ਸ਼ਹੀਦੀ ਦਿਹਾੜੇ 'ਤੇ ਵੱਖਰੇ ਪ੍ਰੋਗਰਾਮ ਉਲੀਕਵਾ ਕੇ ਇਹ ਸੰਗਤ ਵਿਚ ਦੁਬਿਧਾ ਤੇ ਭੁਲੇਖਾ ਪੈਦਾ ਕਰਨਾ ਚਾਹੁੰਦੇ ਹਨ। ਉਹਨਾਂ ਨੇ ਐਡਵੋਕੇਟ ਧਾਮੀ ਨੂੰ ਅਪੀਲ ਕੀਤੀ ਕਿ ਉਹ ਇਸ ਸੰਦਰਭ ਤੇ ਸਾਡੇ ਨਾਲ ਮਿਲ ਕੇ ਗੁਰੂ ਸਾਹਿਬ ਦਾ ਸ਼ਹੀਦੀ ਦਿਹਾੜਾ ਮਨਾਉਣ।

ਸੈਮੀਨਾਰ ਤੋਂ ਲੈ ਕੇ ਸਰਬ ਧਰਮ ਸੰਮੇਲਨ, ਨਗਰ ਕੀਰਤਨ ਤੇ ਹੋਰ ਪ੍ਰੋਗਰਾਮ ਉਲੀਕੇ ਹਨ ਜਿਹਨਾਂ ਦਾ ਐਲਾਨ ਵੀ ਕੀਤਾ ਜਾ ਚੁੱਕਾ ਹੈ। ਉਹਨਾਂ ਕਿਹਾ ਕਿ ਇਸ ਲਈ ਸ਼੍ਰੋਮਣੀ ਗੁਰਦੁਆਰਾ ਪ੍ਰਬੰਧਕ ਕਮੇਟੀ ਨੂੰ ਸਾਨੂੰ ਹਰ ਤਰੀਕੇ ਦਾ ਸਹਿਯੋਗ ਦੇਣਾ ਚਾਹੀਦਾ ਹੈ। ਪੱਤਰਕਾਰਾਂ ਦੇ ਸਵਾਲਾਂ ਦੇ ਜਵਾਬ ਵਿਚ ਸਰਦਾਰ ਕਾਲਕਾ ਤੇ ਸਰਦਾਰ ਕਾਹਲੋਂ ਨੇ ਕਿਹਾ ਕਿ ਅਸੀਂ ਕੌਮ ਦੀਆਂ ਸਾਰੀਆਂ ਜਥੇਬੰਦੀਆਂ, ਸਿੰਘ ਸਭਾਵਾਂ, ਇਸਤਰੀ ਸਭਾਵਾਂ, ਨਿਹੰਗ ਸਿੰਘ ਜਥੇਬੰਦੀਆਂ ਸਮੇਤ ਸਭ ਨੂੰ ਸਹਿਯੋਗ ਲਈ ਅਪੀਲ ਕੀਤੀ ਹੈ ਤੇ ਲਿਖਤੀ ਸੱਦਾ ਪੱਤਰ ਵੀ ਭੇਜੇ ਹਨ। ਉਹਨਾਂ ਕਿਹਾ ਕਿ ਗੁਰੂ ਮਹਾਰਾਜ ਦਾ ਸਰੂਪ ਉੱਥੇ ਲਿਆਂਦਾ ਜਾ ਰਿਹਾ ਹੈ। ਉਹਨਾਂ ਦੱਸਿਆ ਕਿ ਸਰੂਪ ਦੇਣ ਵਾਲੇ ਭਾਈ ਬਲਵੰਤ ਸਿੰਘ ਨੇ ਵੀ ਗਲਤੀ ਮੰਨੀ ਹੈ ਤੇ ਅਸੀਂ ਇਸ ਬਾਰੇ ਸ੍ਰੀ ਅਕਾਲ ਤਖ਼ਤ ਸਾਹਿਬ ਦੇ ਕਾਰਜਕਾਰੀ ਜਥੇਦਾਰ ਗਿਆਨੀ ਕੁਲਦੀਪ ਸਿੰਘ ਗੜਗੱਜ ਨੂੰ ਲਿਖਤੀ ਪੱਤਰ ਭੇਜ ਕੇ ਸਾਰੀ ਜਾਣਕਾਰੀ ਸਾਂਝੀ ਕੀਤੀ ਹੈ।
